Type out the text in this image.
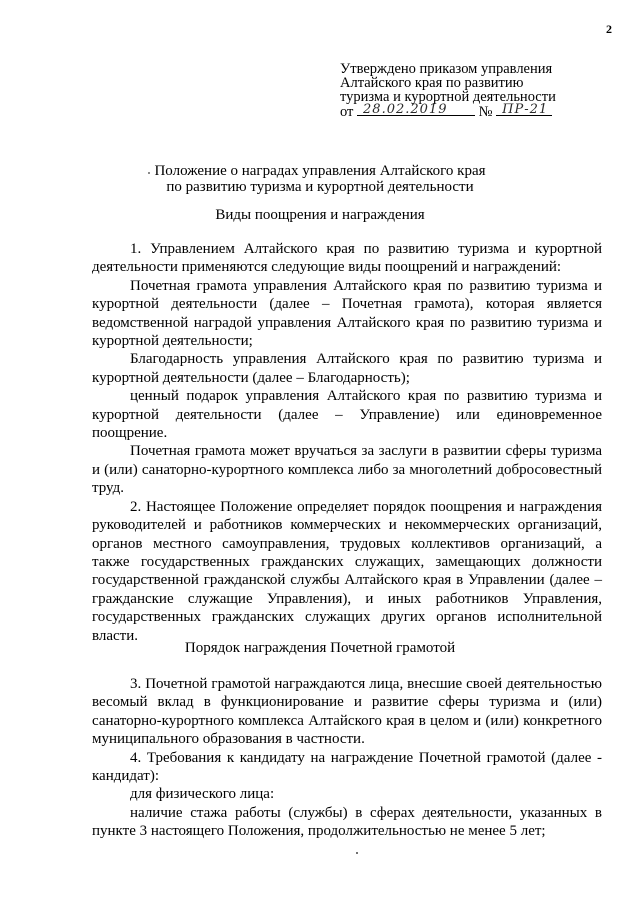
2
Утверждено приказом управления
Алтайского края по развитию
туризма и курортной деятельности
от 28.02.2019 № ПР-21
Положение о наградах управления Алтайского края
по развитию туризма и курортной деятельности
Виды поощрения и награждения

1. Управлением Алтайского края по развитию туризма и курортной деятельности применяются следующие виды поощрений и награждений:

Почетная грамота управления Алтайского края по развитию туризма и курортной деятельности (далее – Почетная грамота), которая является ведомственной наградой управления Алтайского края по развитию туризма и курортной деятельности;

Благодарность управления Алтайского края по развитию туризма и курортной деятельности (далее – Благодарность);

ценный подарок управления Алтайского края по развитию туризма и курортной деятельности (далее – Управление) или единовременное поощрение.

Почетная грамота может вручаться за заслуги в развитии сферы туризма и (или) санаторно-курортного комплекса либо за многолетний добросовестный труд.

2. Настоящее Положение определяет порядок поощрения и награждения руководителей и работников коммерческих и некоммерческих организаций, органов местного самоуправления, трудовых коллективов организаций, а также государственных гражданских служащих, замещающих должности государственной гражданской службы Алтайского края в Управлении (далее – гражданские служащие Управления), и иных работников Управления, государственных гражданских служащих других органов исполнительной власти.

Порядок награждения Почетной грамотой

3. Почетной грамотой награждаются лица, внесшие своей деятельностью весомый вклад в функционирование и развитие сферы туризма и (или) санаторно-курортного комплекса Алтайского края в целом и (или) конкретного муниципального образования в частности.

4. Требования к кандидату на награждение Почетной грамотой (далее - кандидат):

для физического лица:

наличие стажа работы (службы) в сферах деятельности, указанных в пункте 3 настоящего Положения, продолжительностью не менее 5 лет;
